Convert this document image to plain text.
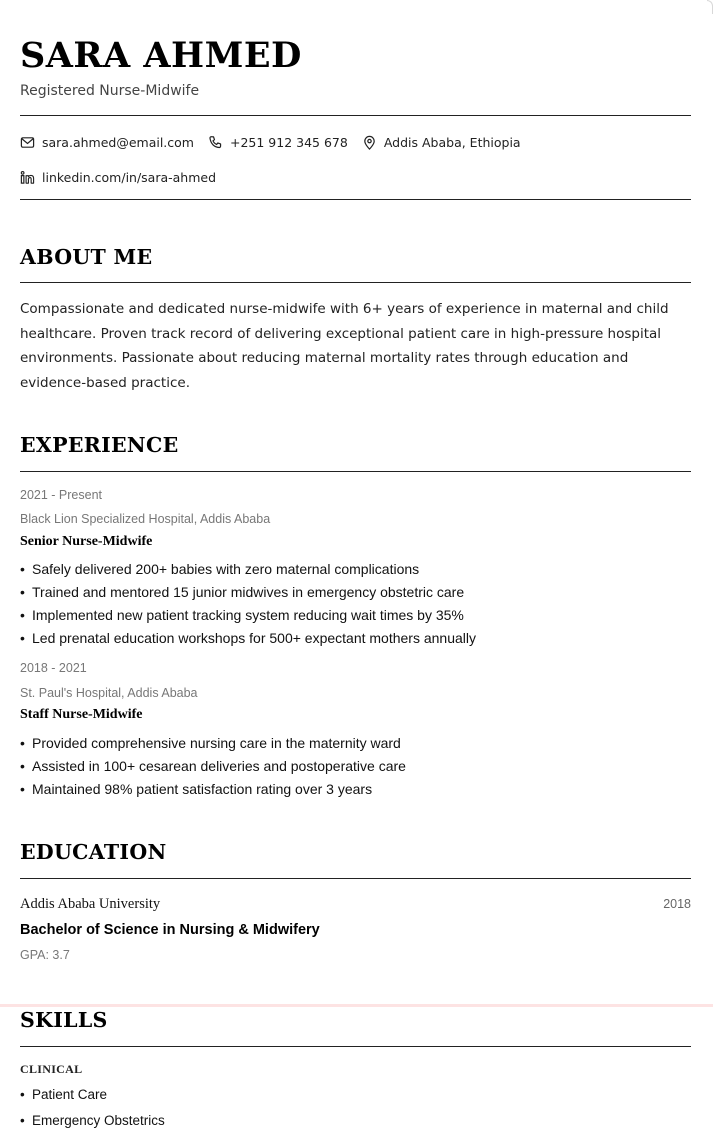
SARA AHMED
Registered Nurse-Midwife
sara.ahmed@email.com	+251 912 345 678	Addis Ababa, Ethiopia
linkedin.com/in/sara-ahmed
ABOUT ME
Compassionate and dedicated nurse-midwife with 6+ years of experience in maternal and child healthcare. Proven track record of delivering exceptional patient care in high-pressure hospital environments. Passionate about reducing maternal mortality rates through education and evidence-based practice.
EXPERIENCE
2021 - Present
Black Lion Specialized Hospital, Addis Ababa
Senior Nurse-Midwife
• Safely delivered 200+ babies with zero maternal complications
• Trained and mentored 15 junior midwives in emergency obstetric care
• Implemented new patient tracking system reducing wait times by 35%
• Led prenatal education workshops for 500+ expectant mothers annually
2018 - 2021
St. Paul's Hospital, Addis Ababa
Staff Nurse-Midwife
• Provided comprehensive nursing care in the maternity ward
• Assisted in 100+ cesarean deliveries and postoperative care
• Maintained 98% patient satisfaction rating over 3 years
EDUCATION
Addis Ababa University	2018
Bachelor of Science in Nursing & Midwifery
GPA: 3.7
SKILLS
CLINICAL
• Patient Care
• Emergency Obstetrics
